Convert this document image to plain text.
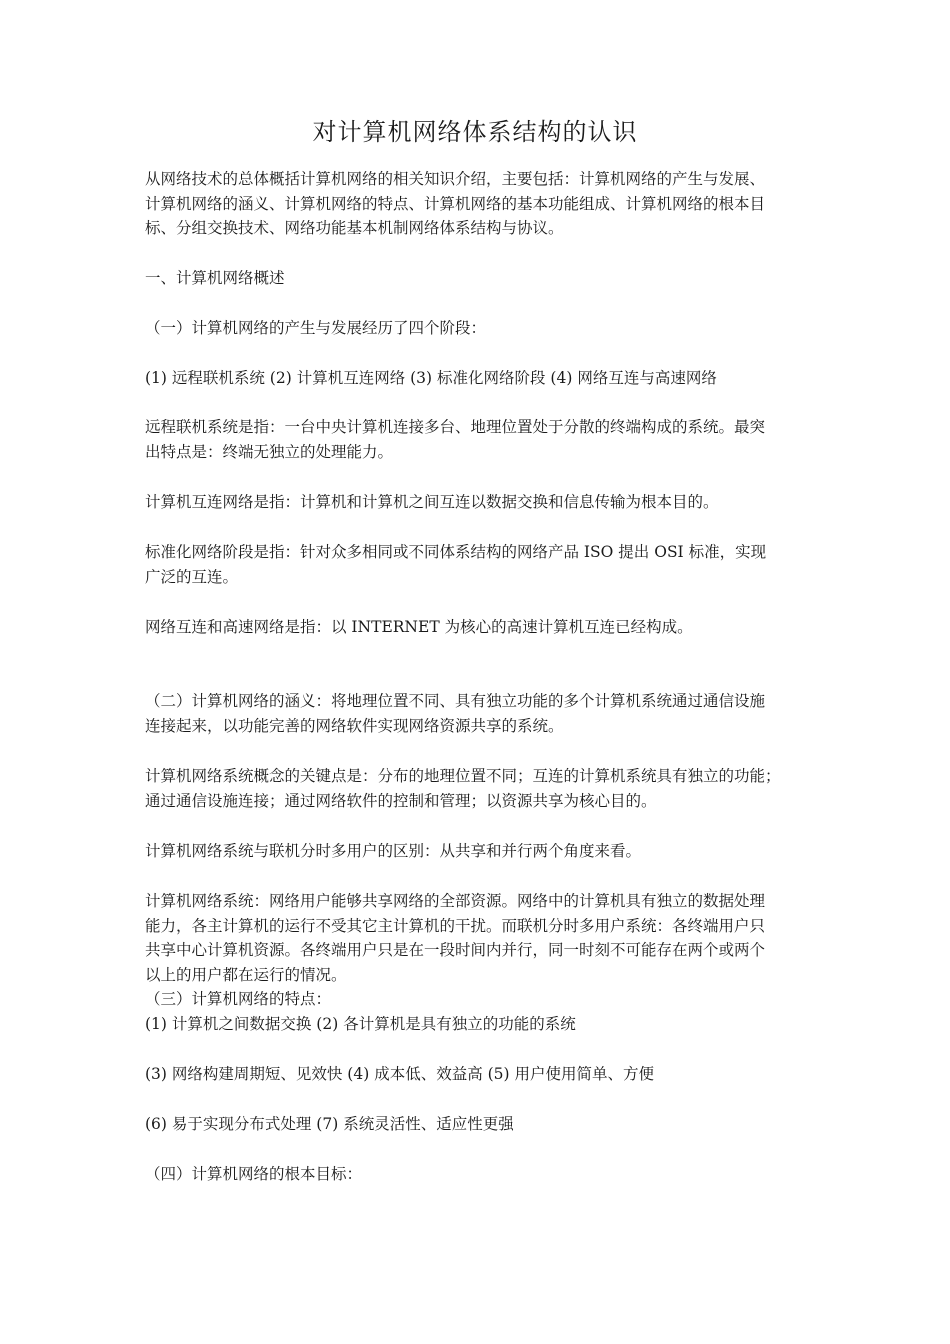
对计算机网络体系结构的认识

从网络技术的总体概括计算机网络的相关知识介绍，主要包括：计算机网络的产生与发展、
计算机网络的涵义、计算机网络的特点、计算机网络的基本功能组成、计算机网络的根本目
标、分组交换技术、网络功能基本机制网络体系结构与协议。

一、计算机网络概述

（一）计算机网络的产生与发展经历了四个阶段：

(1) 远程联机系统 (2) 计算机互连网络 (3) 标准化网络阶段 (4) 网络互连与高速网络

远程联机系统是指：一台中央计算机连接多台、地理位置处于分散的终端构成的系统。最突
出特点是：终端无独立的处理能力。

计算机互连网络是指：计算机和计算机之间互连以数据交换和信息传输为根本目的。

标准化网络阶段是指：针对众多相同或不同体系结构的网络产品 ISO 提出 OSI 标准，实现
广泛的互连。

网络互连和高速网络是指：以 INTERNET 为核心的高速计算机互连已经构成。

（二）计算机网络的涵义：将地理位置不同、具有独立功能的多个计算机系统通过通信设施
连接起来，以功能完善的网络软件实现网络资源共享的系统。

计算机网络系统概念的关键点是：分布的地理位置不同；互连的计算机系统具有独立的功能；
通过通信设施连接；通过网络软件的控制和管理；以资源共享为核心目的。

计算机网络系统与联机分时多用户的区别：从共享和并行两个角度来看。

计算机网络系统：网络用户能够共享网络的全部资源。网络中的计算机具有独立的数据处理
能力，各主计算机的运行不受其它主计算机的干扰。而联机分时多用户系统：各终端用户只
共享中心计算机资源。各终端用户只是在一段时间内并行，同一时刻不可能存在两个或两个
以上的用户都在运行的情况。

（三）计算机网络的特点：

(1) 计算机之间数据交换 (2) 各计算机是具有独立的功能的系统

(3) 网络构建周期短、见效快 (4) 成本低、效益高 (5) 用户使用简单、方便

(6) 易于实现分布式处理 (7) 系统灵活性、适应性更强

（四）计算机网络的根本目标：
